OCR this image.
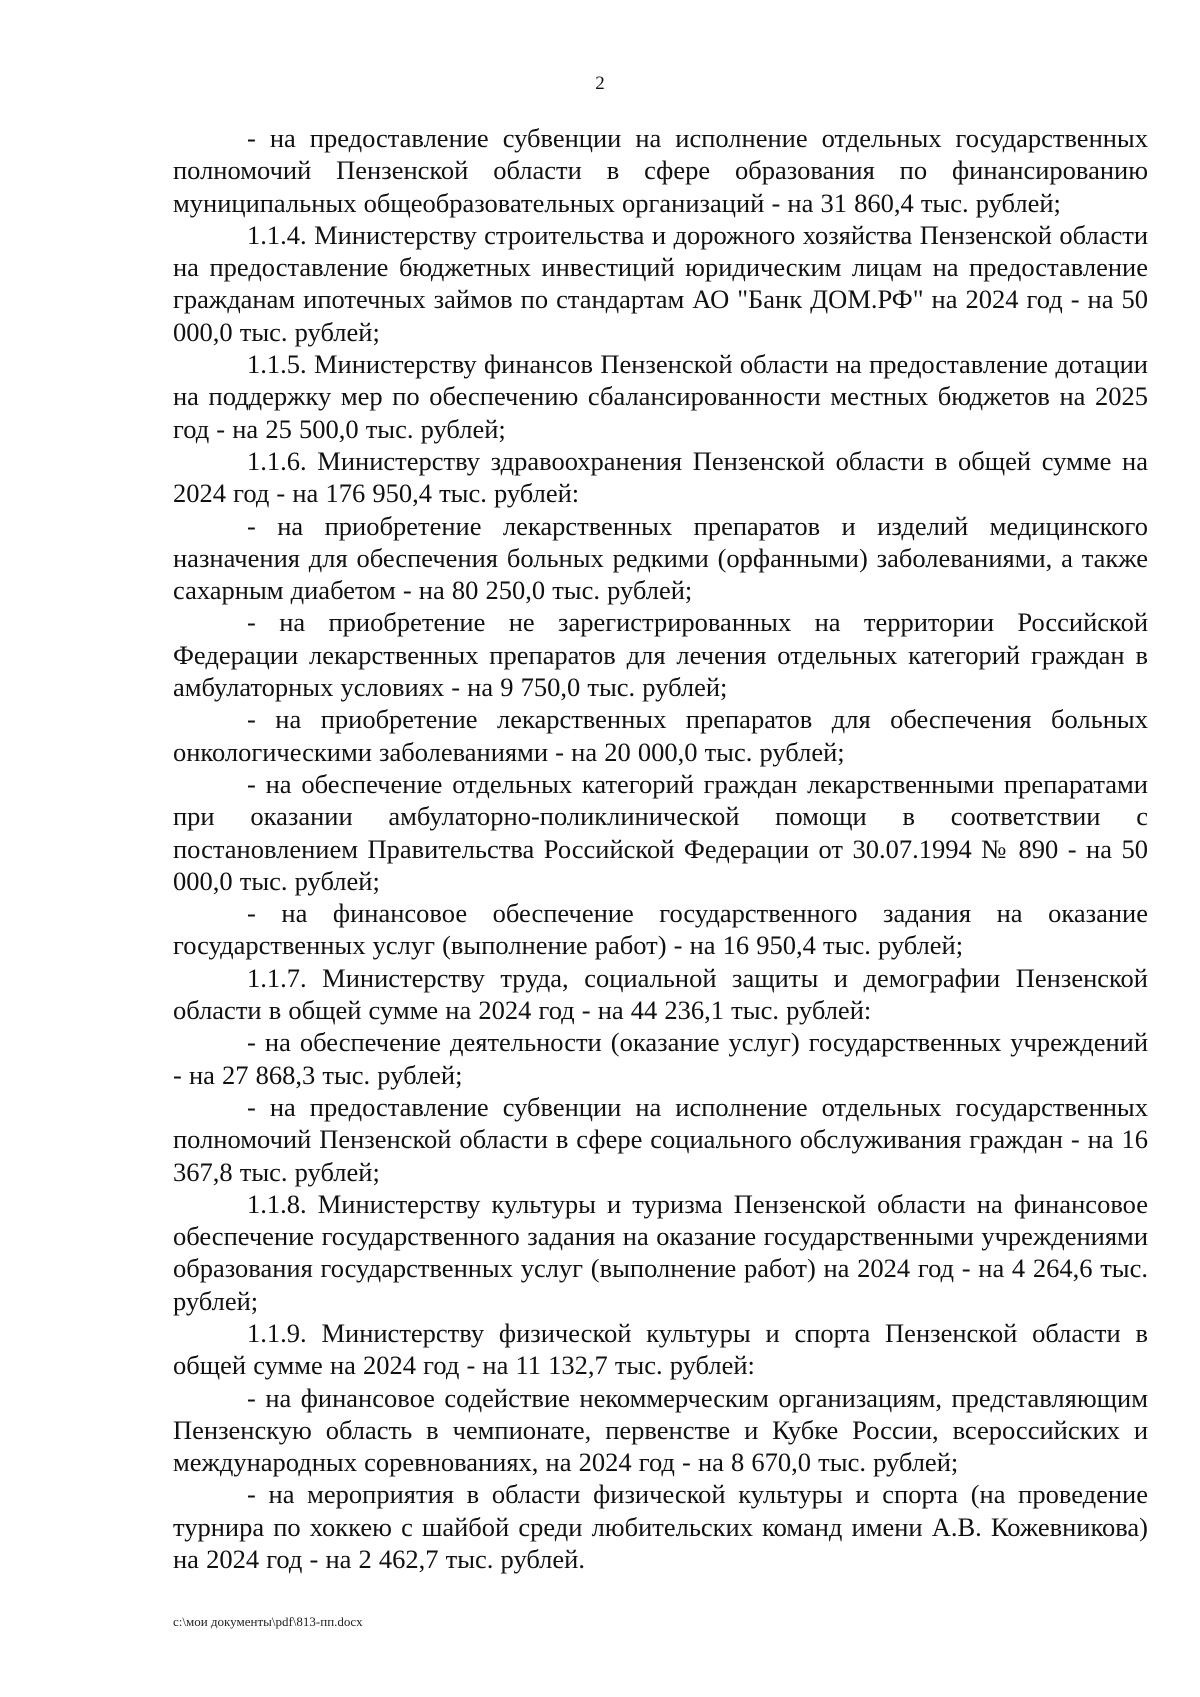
2

- на предоставление субвенции на исполнение отдельных государственных полномочий Пензенской области в сфере образования по финансированию муниципальных общеобразовательных организаций - на 31 860,4 тыс. рублей;

1.1.4. Министерству строительства и дорожного хозяйства Пензенской области на предоставление бюджетных инвестиций юридическим лицам на предоставление гражданам ипотечных займов по стандартам АО "Банк ДОМ.РФ" на 2024 год - на 50 000,0 тыс. рублей;

1.1.5. Министерству финансов Пензенской области на предоставление дотации на поддержку мер по обеспечению сбалансированности местных бюджетов на 2025 год - на 25 500,0 тыс. рублей;

1.1.6. Министерству здравоохранения Пензенской области в общей сумме на 2024 год - на 176 950,4 тыс. рублей:

- на приобретение лекарственных препаратов и изделий медицинского назначения для обеспечения больных редкими (орфанными) заболеваниями, а также сахарным диабетом - на 80 250,0 тыс. рублей;

- на приобретение не зарегистрированных на территории Российской Федерации лекарственных препаратов для лечения отдельных категорий граждан в амбулаторных условиях - на 9 750,0 тыс. рублей;

- на приобретение лекарственных препаратов для обеспечения больных онкологическими заболеваниями - на 20 000,0 тыс. рублей;

- на обеспечение отдельных категорий граждан лекарственными препаратами при оказании амбулаторно-поликлинической помощи в соответствии с постановлением Правительства Российской Федерации от 30.07.1994 № 890 - на 50 000,0 тыс. рублей;

- на финансовое обеспечение государственного задания на оказание государственных услуг (выполнение работ) - на 16 950,4 тыс. рублей;

1.1.7. Министерству труда, социальной защиты и демографии Пензенской области в общей сумме на 2024 год - на 44 236,1 тыс. рублей:

- на обеспечение деятельности (оказание услуг) государственных учреждений - на 27 868,3 тыс. рублей;

- на предоставление субвенции на исполнение отдельных государственных полномочий Пензенской области в сфере социального обслуживания граждан - на 16 367,8 тыс. рублей;

1.1.8. Министерству культуры и туризма Пензенской области на финансовое обеспечение государственного задания на оказание государственными учреждениями образования государственных услуг (выполнение работ) на 2024 год - на 4 264,6 тыс. рублей;

1.1.9. Министерству физической культуры и спорта Пензенской области в общей сумме на 2024 год - на 11 132,7 тыс. рублей:

- на финансовое содействие некоммерческим организациям, представляющим Пензенскую область в чемпионате, первенстве и Кубке России, всероссийских и международных соревнованиях, на 2024 год - на 8 670,0 тыс. рублей;

- на мероприятия в области физической культуры и спорта (на проведение турнира по хоккею с шайбой среди любительских команд имени А.В. Кожевникова) на 2024 год - на 2 462,7 тыс. рублей.

c:\мои документы\pdf\813-пп.docx
